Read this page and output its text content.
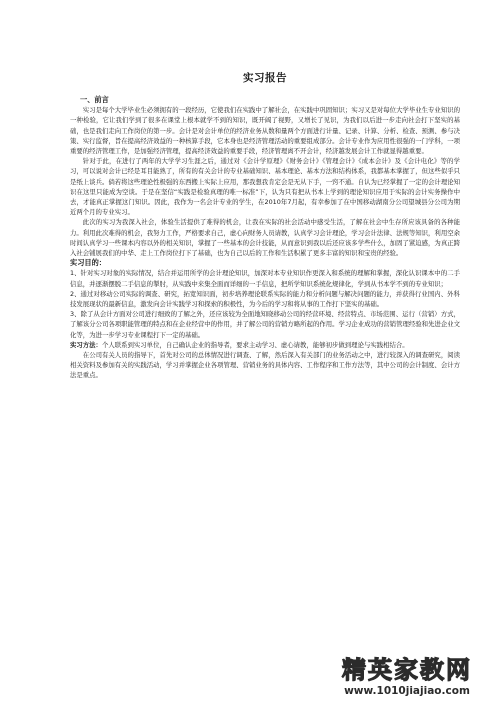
实习报告

一、前言

实习是每个大学毕业生必须拥有的一段经历，它使我们在实践中了解社会，在实践中巩固知识；实习又是对每位大学毕业生专业知识的一种检验，它让我们学到了很多在课堂上根本就学不到的知识，既开阔了视野，又增长了见识，为我们以后进一步走向社会打下坚实的基础，也是我们走向工作岗位的第一步。会计是对会计单位的经济业务从数和量两个方面进行计量、记录、计算、分析、检查、预测、参与决策、实行监督，旨在提高经济效益的一种核算手段，它本身也是经济管理活动的重要组成部分。会计专业作为应用性很强的一门学科，一项重要的经济管理工作，是加强经济管理，提高经济效益的重要手段，经济管理离不开会计，经济越发展会计工作就显得越重要。

针对于此，在进行了两年的大学学习生涯之后，通过对《会计学原理》《财务会计》《管理会计》《成本会计》及《会计电化》等的学习，可以说对会计已经是耳目能熟了，所有的有关会计的专业基础知识、基本理论、基本方法和结构体系，我都基本掌握了，但这些似乎只是纸上谈兵。倘若将这些理论性极强的东西搬上实际上应用，那我想我肯定会是无从下手，一窍不通。自认为已经掌握了一定的会计理论知识在这里只能成为空谈。于是在坚信“实践是检验真理的唯一标准”下，认为只有把从书本上学到的理论知识应用于实际的会计实务操作中去，才能真正掌握这门知识。因此，我作为一名会计专业的学生，在2010年7月起，有幸参加了在中国移动湖南分公司望城县分公司为期近两个月的专业实习。

此次的实习为我深入社会，体验生活提供了难得的机会，让我在实际的社会活动中感受生活，了解在社会中生存所应该具备的各种能力。利用此次难得的机会，我努力工作，严格要求自己，虚心向财务人员请教，认真学习会计理论，学习会计法律、法规等知识，利用空余时间认真学习一些课本内容以外的相关知识，掌握了一些基本的会计技能，从而意识到我以后还应该多学些什么，加固了紧迫感，为真正跨入社会铺展我们的中华、走上工作岗位打下了基础，也为自己以后的工作和生活积累了更多丰富的知识和宝贵的经验。

实习目的：

1、针对实习对象的实际情况，结合并运用所学的会计理论知识，加深对本专业知识作更深入和系统的理解和掌握，深化认识课本中的二手信息，并逐渐摆脱二手信息的掣肘，从实践中来集全面而详细的一手信息，把所学知识系统化规律化，学到从书本学不到的专业知识；

2、通过对移动公司实际的调查、研究，拓宽知识面，初步培养理论联系实际的能力和分析问题与解决问题的能力，并获得行业国内、外科技发展现状的最新信息，激发向会计实践学习和探索的积极性，为今后的学习和将从事的工作打下坚实的基础。

3、除了从会计方面对公司进行细致的了解之外，还应该较为全面地知晓移动公司的经营环境、经营特点、市场范围、运行（营销）方式，了解该分公司各项职能管理的特点和在企业经营中的作用，并了解公司的营销方略所起的作用。学习企业成功的营销管理经验和先进企业文化等，为进一步学习专业课程打下一定的基础。

实习方法：个人联系到实习单位，自己确认企业的指导者，要求主动学习、虚心请教，能够初步做到理论与实践相结合。

在公司有关人员的指导下，首先对公司的总体情况进行调查、了解，然后深入有关部门的业务活动之中，进行较深入的调查研究，阅读相关资料及参加有关的实践活动，学习并掌握企业各项管理、营销业务的具体内容、工作程序和工作方法等，其中公司的会计制度、会计方法是重点。

精英家教网
www.1010jiajiao.com
